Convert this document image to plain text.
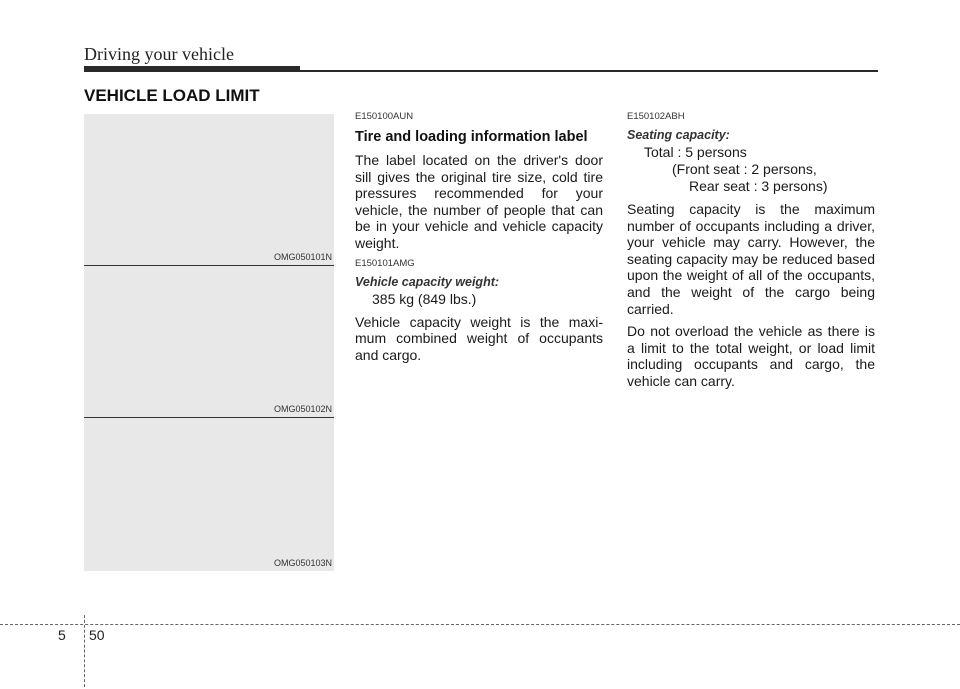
Driving your vehicle
VEHICLE LOAD LIMIT
OMG050101N
OMG050102N
OMG050103N
E150100AUN
Tire and loading information label
The label located on the driver's door sill gives the original tire size, cold tire pressures recommended for your vehicle, the number of people that can be in your vehicle and vehicle capacity weight.
E150101AMG
Vehicle capacity weight:
385 kg (849 lbs.)
Vehicle capacity weight is the maxi-mum combined weight of occupants and cargo.
E150102ABH
Seating capacity:
Total : 5 persons
(Front seat : 2 persons,
Rear seat : 3 persons)
Seating capacity is the maximum number of occupants including a driver, your vehicle may carry. However, the seating capacity may be reduced based upon the weight of all of the occupants, and the weight of the cargo being carried.
Do not overload the vehicle as there is a limit to the total weight, or load limit including occupants and cargo, the vehicle can carry.
5 50
